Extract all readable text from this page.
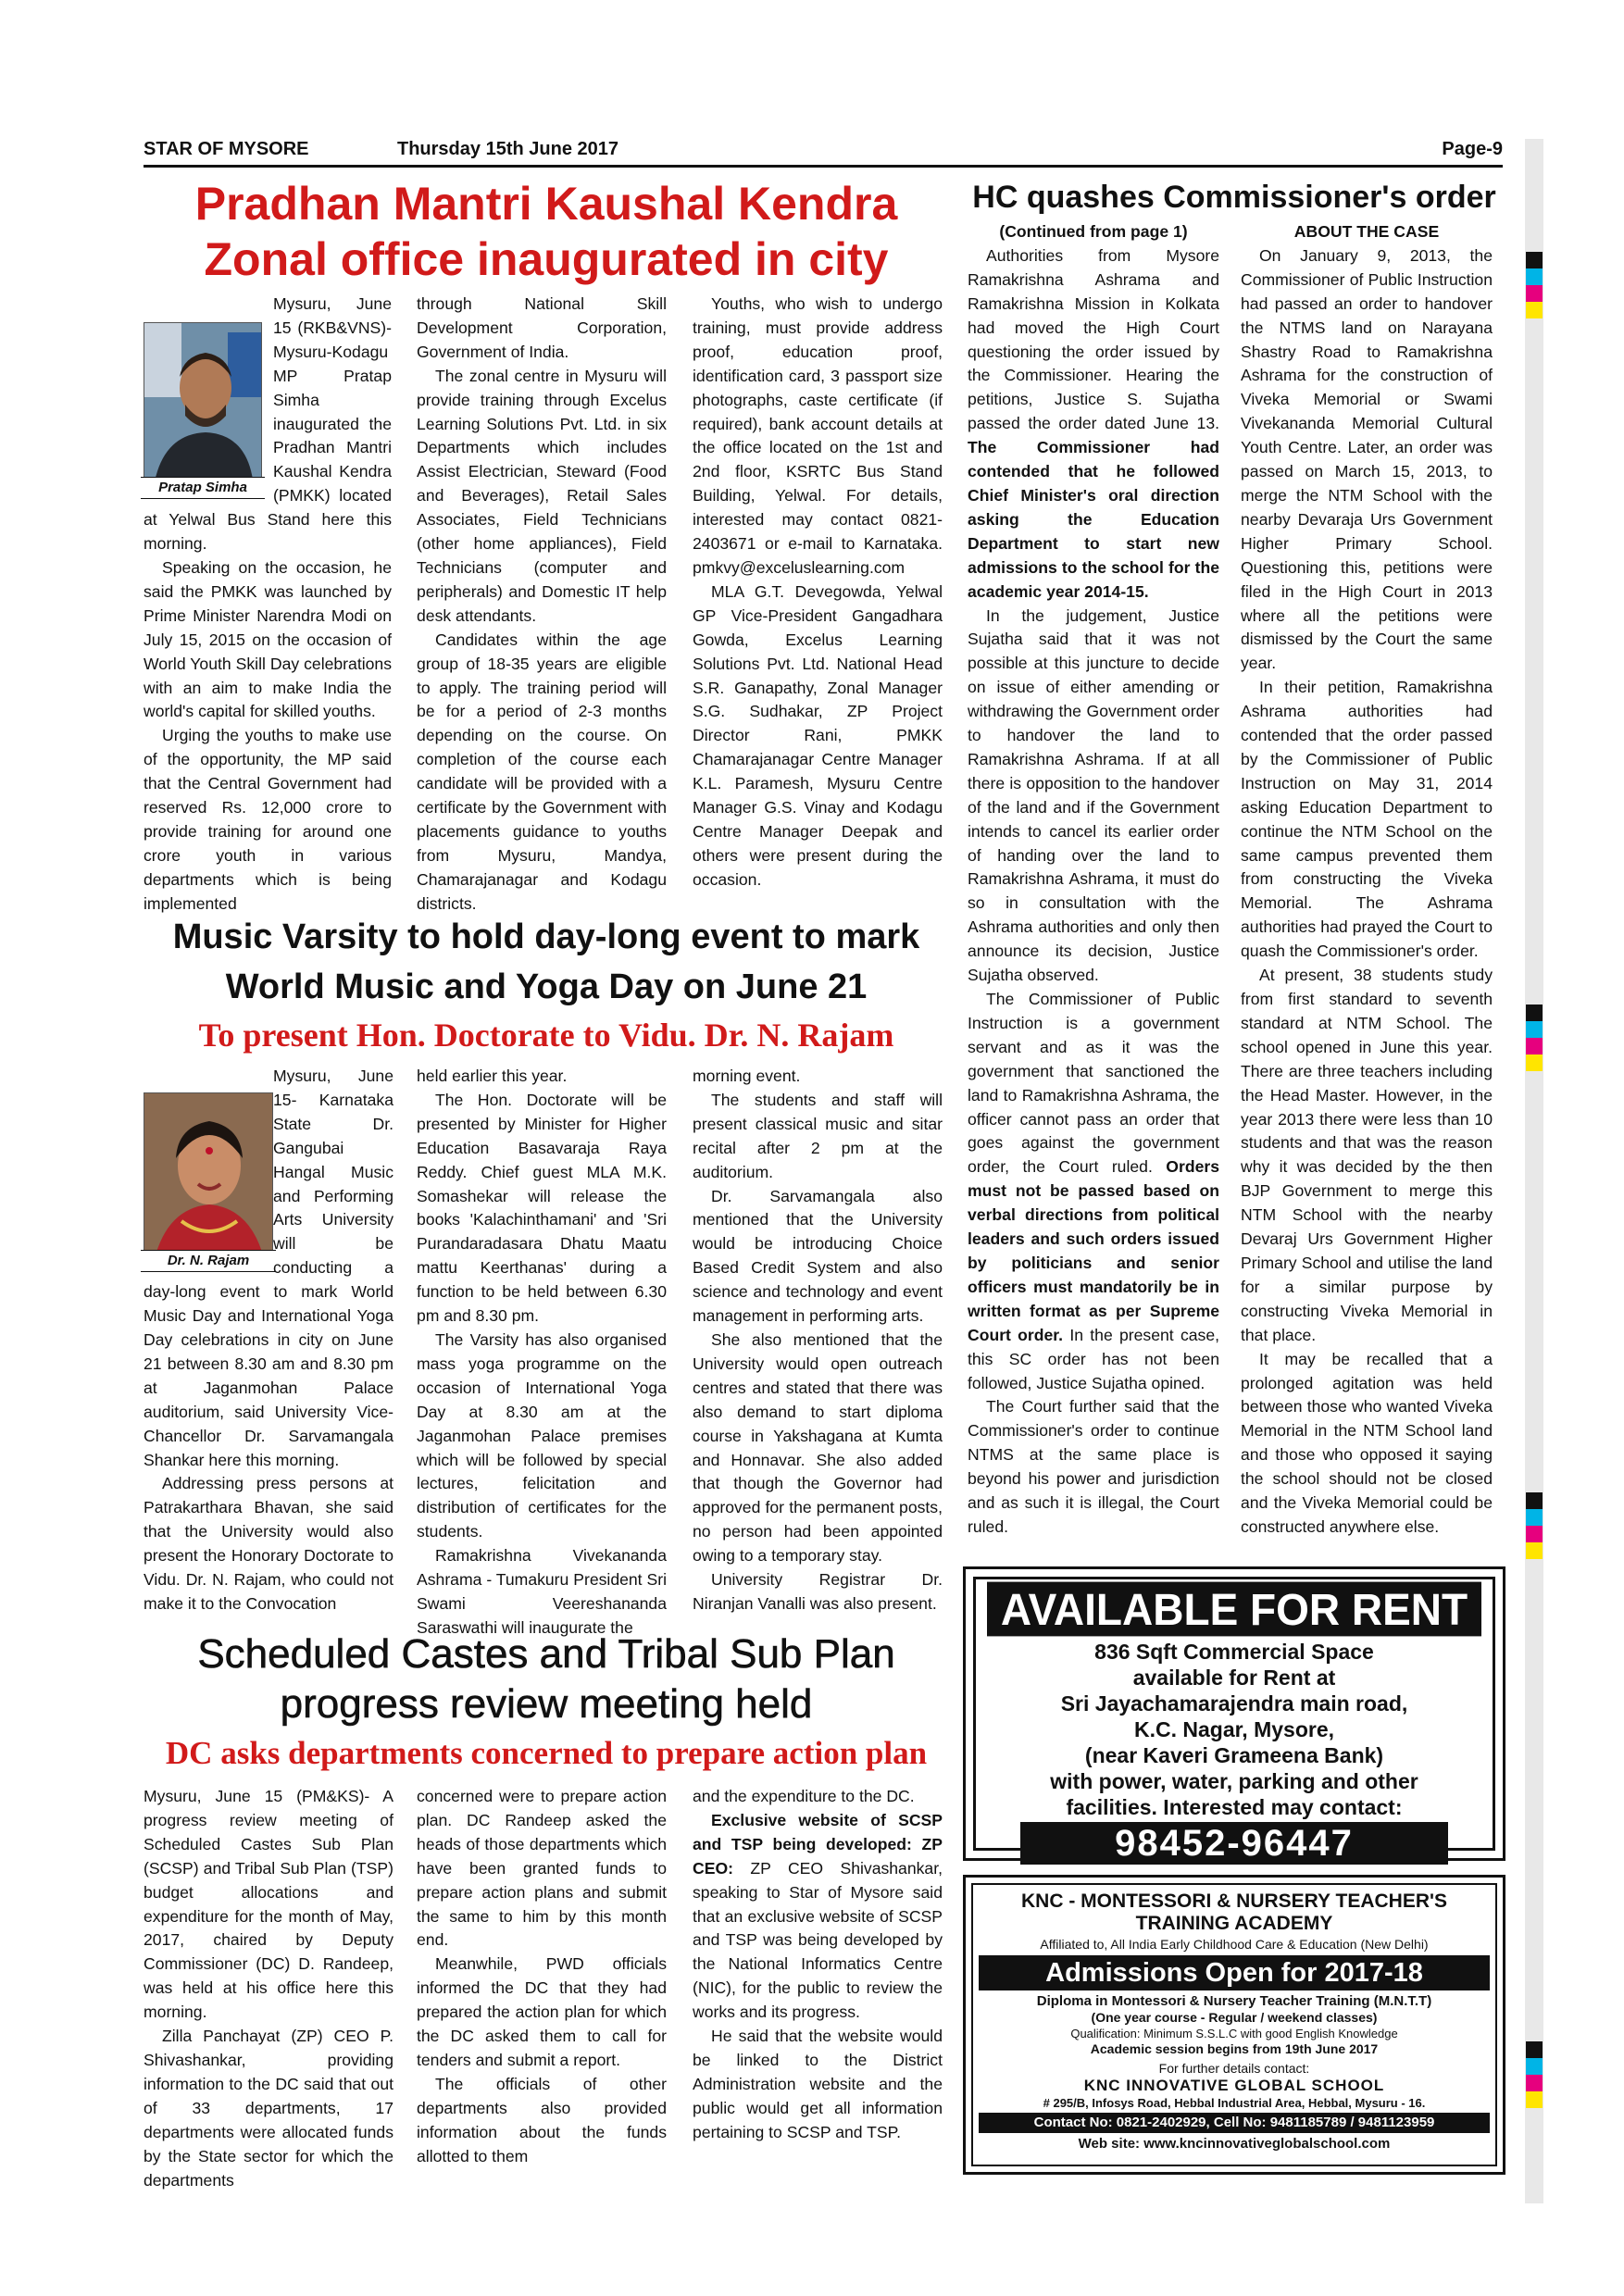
STAR OF MYSORE	Thursday 15th June 2017	Page-9
Pradhan Mantri Kaushal Kendra
Zonal office inaugurated in city
Pratap Simha

Mysuru, June 15 (RKB&VNS)- Mysuru-Kodagu MP Pratap Simha inaugurated the Pradhan Mantri Kaushal Kendra (PMKK) located at Yelwal Bus Stand here this morning.

Speaking on the occasion, he said the PMKK was launched by Prime Minister Narendra Modi on July 15, 2015 on the occasion of World Youth Skill Day celebrations with an aim to make India the world's capital for skilled youths.

Urging the youths to make use of the opportunity, the MP said that the Central Government had reserved Rs. 12,000 crore to provide training for around one crore youth in various departments which is being implemented

through National Skill Development Corporation, Government of India.

The zonal centre in Mysuru will provide training through Excelus Learning Solutions Pvt. Ltd. in six Departments which includes Assist Electrician, Steward (Food and Beverages), Retail Sales Associates, Field Technicians (other home appliances), Field Technicians (computer and peripherals) and Domestic IT help desk attendants.

Candidates within the age group of 18-35 years are eligible to apply. The training period will be for a period of 2-3 months depending on the course. On completion of the course each candidate will be provided with a certificate by the Government with placements guidance to youths from Mysuru, Mandya, Chamarajanagar and Kodagu districts.

Youths, who wish to undergo training, must provide address proof, education proof, identification card, 3 passport size photographs, caste certificate (if required), bank account details at the office located on the 1st and 2nd floor, KSRTC Bus Stand Building, Yelwal. For details, interested may contact 0821-2403671 or e-mail to Karnataka. pmkvy@exceluslearning.com

MLA G.T. Devegowda, Yelwal GP Vice-President Gangadhara Gowda, Excelus Learning Solutions Pvt. Ltd. National Head S.R. Ganapathy, Zonal Manager S.G. Sudhakar, ZP Project Director Rani, PMKK Chamarajanagar Centre Manager K.L. Paramesh, Mysuru Centre Manager G.S. Vinay and Kodagu Centre Manager Deepak and others were present during the occasion.

Music Varsity to hold day-long event to mark
World Music and Yoga Day on June 21
To present Hon. Doctorate to Vidu. Dr. N. Rajam
Dr. N. Rajam

Mysuru, June 15- Karnataka State Dr. Gangubai Hangal Music and Performing Arts University will be conducting a day-long event to mark World Music Day and International Yoga Day celebrations in city on June 21 between 8.30 am and 8.30 pm at Jaganmohan Palace auditorium, said University Vice-Chancellor Dr. Sarvamangala Shankar here this morning.

Addressing press persons at Patrakarthara Bhavan, she said that the University would also present the Honorary Doctorate to Vidu. Dr. N. Rajam, who could not make it to the Convocation

held earlier this year.

The Hon. Doctorate will be presented by Minister for Higher Education Basavaraja Raya Reddy. Chief guest MLA M.K. Somashekar will release the books 'Kalachinthamani' and 'Sri Purandaradasara Dhatu Maatu mattu Keerthanas' during a function to be held between 6.30 pm and 8.30 pm.

The Varsity has also organised mass yoga programme on the occasion of International Yoga Day at 8.30 am at the Jaganmohan Palace premises which will be followed by special lectures, felicitation and distribution of certificates for the students.

Ramakrishna Vivekananda Ashrama - Tumakuru President Sri Swami Veereshananda Saraswathi will inaugurate the

morning event.

The students and staff will present classical music and sitar recital after 2 pm at the auditorium.

Dr. Sarvamangala also mentioned that the University would be introducing Choice Based Credit System and also science and technology and event management in performing arts.

She also mentioned that the University would open outreach centres and stated that there was also demand to start diploma course in Yakshagana at Kumta and Honnavar. She also added that though the Governor had approved for the permanent posts, no person had been appointed owing to a temporary stay.

University Registrar Dr. Niranjan Vanalli was also present.

Scheduled Castes and Tribal Sub Plan
progress review meeting held
DC asks departments concerned to prepare action plan

Mysuru, June 15 (PM&KS)- A progress review meeting of Scheduled Castes Sub Plan (SCSP) and Tribal Sub Plan (TSP) budget allocations and expenditure for the month of May, 2017, chaired by Deputy Commissioner (DC) D. Randeep, was held at his office here this morning.

Zilla Panchayat (ZP) CEO P. Shivashankar, providing information to the DC said that out of 33 departments, 17 departments were allocated funds by the State sector for which the departments

concerned were to prepare action plan. DC Randeep asked the heads of those departments which have been granted funds to prepare action plans and submit the same to him by this month end.

Meanwhile, PWD officials informed the DC that they had prepared the action plan for which the DC asked them to call for tenders and submit a report.

The officials of other departments also provided information about the funds allotted to them

and the expenditure to the DC.

Exclusive website of SCSP and TSP being developed: ZP CEO: ZP CEO Shivashankar, speaking to Star of Mysore said that an exclusive website of SCSP and TSP was being developed by the National Informatics Centre (NIC), for the public to review the works and its progress.

He said that the website would be linked to the District Administration website and the public would get all information pertaining to SCSP and TSP.

HC quashes Commissioner's order

(Continued from page 1)

Authorities from Mysore Ramakrishna Ashrama and Ramakrishna Mission in Kolkata had moved the High Court questioning the order issued by the Commissioner. Hearing the petitions, Justice S. Sujatha passed the order dated June 13. The Commissioner had contended that he followed Chief Minister's oral direction asking the Education Department to start new admissions to the school for the academic year 2014-15.

In the judgement, Justice Sujatha said that it was not possible at this juncture to decide on issue of either amending or withdrawing the Government order to handover the land to Ramakrishna Ashrama. If at all there is opposition to the handover of the land and if the Government intends to cancel its earlier order of handing over the land to Ramakrishna Ashrama, it must do so in consultation with the Ashrama authorities and only then announce its decision, Justice Sujatha observed.

The Commissioner of Public Instruction is a government servant and as it was the government that sanctioned the land to Ramakrishna Ashrama, the officer cannot pass an order that goes against the government order, the Court ruled. Orders must not be passed based on verbal directions from political leaders and such orders issued by politicians and senior officers must mandatorily be in written format as per Supreme Court order. In the present case, this SC order has not been followed, Justice Sujatha opined.

The Court further said that the Commissioner's order to continue NTMS at the same place is beyond his power and jurisdiction and as such it is illegal, the Court ruled.

ABOUT THE CASE

On January 9, 2013, the Commissioner of Public Instruction had passed an order to handover the NTMS land on Narayana Shastry Road to Ramakrishna Ashrama for the construction of Viveka Memorial or Swami Vivekananda Memorial Cultural Youth Centre. Later, an order was passed on March 15, 2013, to merge the NTM School with the nearby Devaraja Urs Government Higher Primary School. Questioning this, petitions were filed in the High Court in 2013 where all the petitions were dismissed by the Court the same year.

In their petition, Ramakrishna Ashrama authorities had contended that the order passed by the Commissioner of Public Instruction on May 31, 2014 asking Education Department to continue the NTM School on the same campus prevented them from constructing the Viveka Memorial. The Ashrama authorities had prayed the Court to quash the Commissioner's order.

At present, 38 students study from first standard to seventh standard at NTM School. The school opened in June this year. There are three teachers including the Head Master. However, in the year 2013 there were less than 10 students and that was the reason why it was decided by the then BJP Government to merge this NTM School with the nearby Devaraj Urs Government Higher Primary School and utilise the land for a similar purpose by constructing Viveka Memorial in that place.

It may be recalled that a prolonged agitation was held between those who wanted Viveka Memorial in the NTM School land and those who opposed it saying the school should not be closed and the Viveka Memorial could be constructed anywhere else.

AVAILABLE FOR RENT
836 Sqft Commercial Space
available for Rent at
Sri Jayachamarajendra main road,
K.C. Nagar, Mysore,
(near Kaveri Grameena Bank)
with power, water, parking and other
facilities. Interested may contact:
98452-96447
KNC - MONTESSORI & NURSERY TEACHER'S
TRAINING ACADEMY
Affiliated to, All India Early Childhood Care & Education (New Delhi)
Admissions Open for 2017-18
Diploma in Montessori & Nursery Teacher Training (M.N.T.T)
(One year course - Regular / weekend classes)
Qualification: Minimum S.S.L.C with good English Knowledge
Academic session begins from 19th June 2017
For further details contact:
KNC INNOVATIVE GLOBAL SCHOOL
# 295/B, Infosys Road, Hebbal Industrial Area, Hebbal, Mysuru - 16.
Contact No: 0821-2402929, Cell No: 9481185789 / 9481123959
Web site: www.kncinnovativeglobalschool.com
